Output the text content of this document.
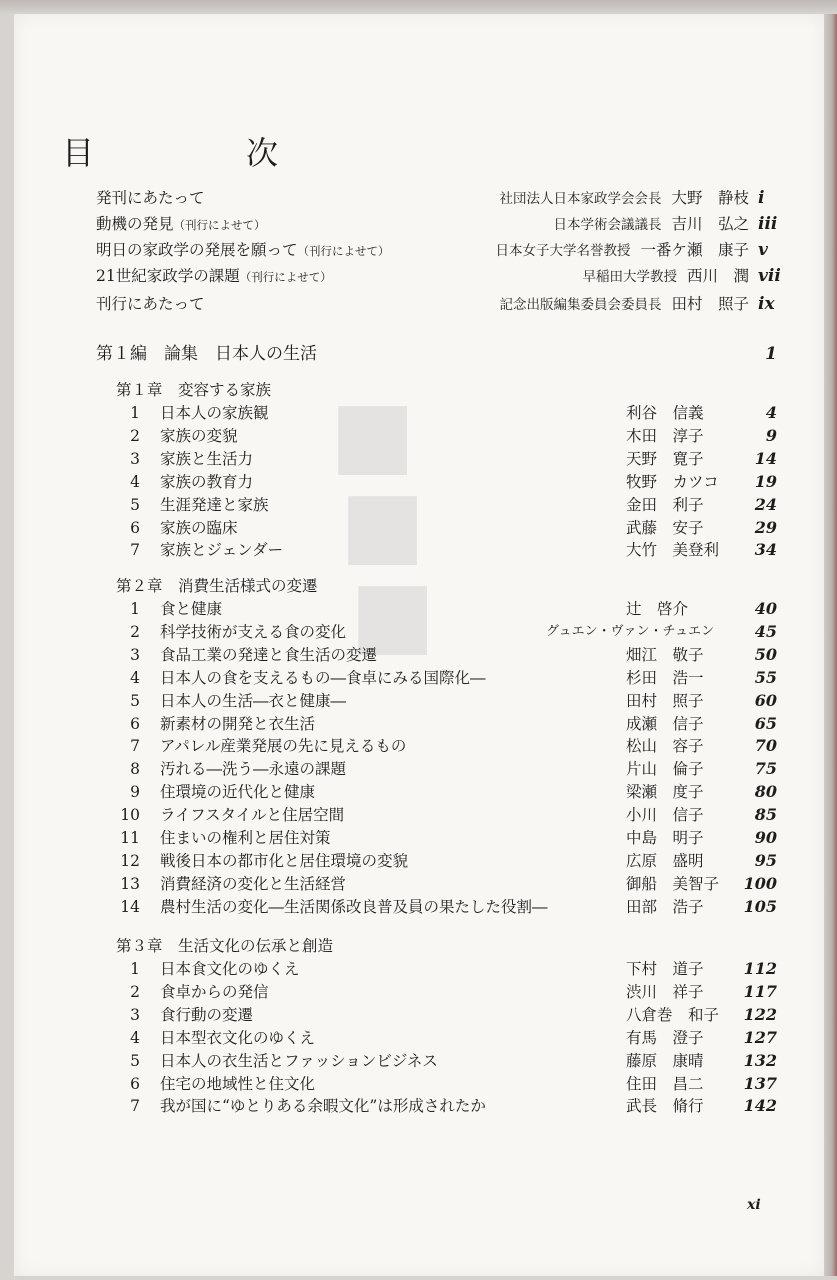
■
■
■
目　次
発刊にあたって	社団法人日本家政学会会長 大野　静枝 i
動機の発見（刊行によせて）	日本学術会議議長 吉川　弘之 iii
明日の家政学の発展を願って（刊行によせて）	日本女子大学名誉教授 一番ケ瀬　康子 v
21世紀家政学の課題（刊行によせて）	早稲田大学教授 西川　潤 vii
刊行にあたって	記念出版編集委員会委員長 田村　照子 ix
第１編　論集　日本人の生活	1
第１章　変容する家族
1 日本人の家族観	利谷　信義	4
2 家族の変貌	木田　淳子	9
3 家族と生活力	天野　寛子	14
4 家族の教育力	牧野　カツコ 19
5 生涯発達と家族	金田　利子	24
6 家族の臨床	武藤　安子	29
7 家族とジェンダー	大竹　美登利 34
第２章　消費生活様式の変遷
1 食と健康	辻　啓介	40
2 科学技術が支える食の変化	グュエン・ヴァン・チュエン	45
3 食品工業の発達と食生活の変遷	畑江　敬子	50
4 日本人の食を支えるもの―食卓にみる国際化―	杉田　浩一	55
5 日本人の生活―衣と健康―	田村　照子	60
6 新素材の開発と衣生活	成瀬　信子	65
7 アパレル産業発展の先に見えるもの	松山　容子	70
8 汚れる―洗う―永遠の課題	片山　倫子	75
9 住環境の近代化と健康	梁瀬　度子	80
10 ライフスタイルと住居空間	小川　信子	85
11 住まいの権利と居住対策	中島　明子	90
12 戦後日本の都市化と居住環境の変貌	広原　盛明	95
13 消費経済の変化と生活経営	御船　美智子 100
14 農村生活の変化―生活関係改良普及員の果たした役割―	田部　浩子	105
第３章　生活文化の伝承と創造
1 日本食文化のゆくえ	下村　道子	112
2 食卓からの発信	渋川　祥子	117
3 食行動の変遷	八倉巻　和子 122
4 日本型衣文化のゆくえ	有馬　澄子	127
5 日本人の衣生活とファッションビジネス	藤原　康晴	132
6 住宅の地域性と住文化	住田　昌二	137
7 我が国に“ゆとりある余暇文化”は形成されたか	武長　脩行	142
xi
